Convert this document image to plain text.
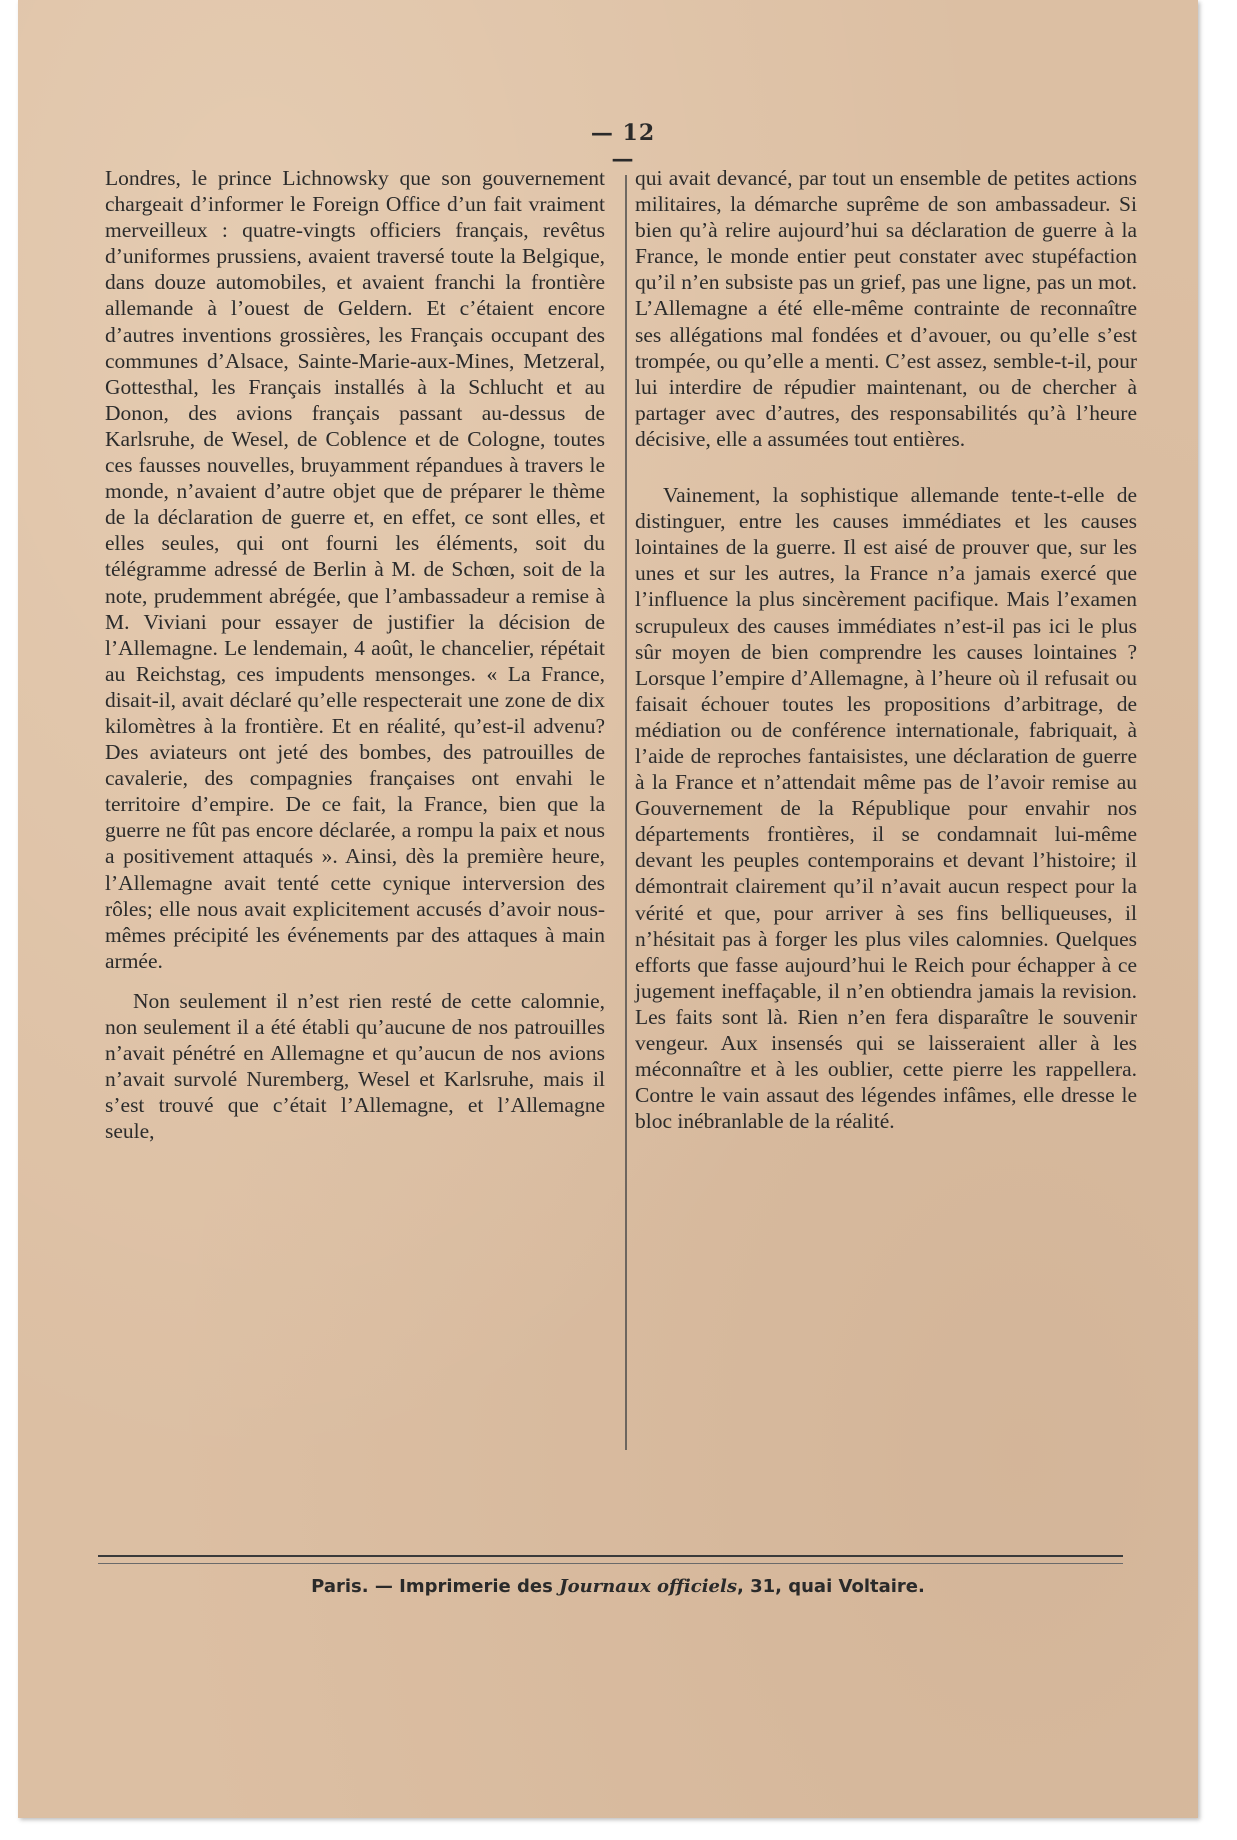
— 12 —

Londres, le prince Lichnowsky que son gouvernement chargeait d’informer le Foreign Office d’un fait vraiment merveilleux : quatre-vingts officiers français, revêtus d’uniformes prussiens, avaient traversé toute la Belgique, dans douze automobiles, et avaient franchi la frontière allemande à l’ouest de Geldern. Et c’étaient encore d’autres inventions grossières, les Français occupant des communes d’Alsace, Sainte-Marie-aux-Mines, Metzeral, Gottesthal, les Français installés à la Schlucht et au Donon, des avions français passant au-dessus de Karlsruhe, de Wesel, de Coblence et de Cologne, toutes ces fausses nouvelles, bruyamment répandues à travers le monde, n’avaient d’autre objet que de préparer le thème de la déclaration de guerre et, en effet, ce sont elles, et elles seules, qui ont fourni les éléments, soit du télégramme adressé de Berlin à M. de Schœn, soit de la note, prudemment abrégée, que l’ambassadeur a remise à M. Viviani pour essayer de justifier la décision de l’Allemagne. Le lendemain, 4 août, le chancelier, répétait au Reichstag, ces impudents mensonges. « La France, disait-il, avait déclaré qu’elle respecterait une zone de dix kilomètres à la frontière. Et en réalité, qu’est-il advenu? Des aviateurs ont jeté des bombes, des patrouilles de cavalerie, des compagnies françaises ont envahi le territoire d’empire. De ce fait, la France, bien que la guerre ne fût pas encore déclarée, a rompu la paix et nous a positivement attaqués ». Ainsi, dès la première heure, l’Allemagne avait tenté cette cynique interversion des rôles; elle nous avait explicitement accusés d’avoir nous-mêmes précipité les événements par des attaques à main armée.

Non seulement il n’est rien resté de cette calomnie, non seulement il a été établi qu’aucune de nos patrouilles n’avait pénétré en Allemagne et qu’aucun de nos avions n’avait survolé Nuremberg, Wesel et Karlsruhe, mais il s’est trouvé que c’était l’Allemagne, et l’Allemagne seule,

qui avait devancé, par tout un ensemble de petites actions militaires, la démarche suprême de son ambassadeur. Si bien qu’à relire aujourd’hui sa déclaration de guerre à la France, le monde entier peut constater avec stupéfaction qu’il n’en subsiste pas un grief, pas une ligne, pas un mot. L’Allemagne a été elle-même contrainte de reconnaître ses allégations mal fondées et d’avouer, ou qu’elle s’est trompée, ou qu’elle a menti. C’est assez, semble-t-il, pour lui interdire de répudier maintenant, ou de chercher à partager avec d’autres, des responsabilités qu’à l’heure décisive, elle a assumées tout entières.

Vainement, la sophistique allemande tente-t-elle de distinguer, entre les causes immédiates et les causes lointaines de la guerre. Il est aisé de prouver que, sur les unes et sur les autres, la France n’a jamais exercé que l’influence la plus sincèrement pacifique. Mais l’examen scrupuleux des causes immédiates n’est-il pas ici le plus sûr moyen de bien comprendre les causes lointaines ? Lorsque l’empire d’Allemagne, à l’heure où il refusait ou faisait échouer toutes les propositions d’arbitrage, de médiation ou de conférence internationale, fabriquait, à l’aide de reproches fantaisistes, une déclaration de guerre à la France et n’attendait même pas de l’avoir remise au Gouvernement de la République pour envahir nos départements frontières, il se condamnait lui-même devant les peuples contemporains et devant l’histoire; il démontrait clairement qu’il n’avait aucun respect pour la vérité et que, pour arriver à ses fins belliqueuses, il n’hésitait pas à forger les plus viles calomnies. Quelques efforts que fasse aujourd’hui le Reich pour échapper à ce jugement ineffaçable, il n’en obtiendra jamais la revision. Les faits sont là. Rien n’en fera disparaître le souvenir vengeur. Aux insensés qui se laisseraient aller à les méconnaître et à les oublier, cette pierre les rappellera. Contre le vain assaut des légendes infâmes, elle dresse le bloc inébranlable de la réalité.

Paris. — Imprimerie des Journaux officiels, 31, quai Voltaire.
